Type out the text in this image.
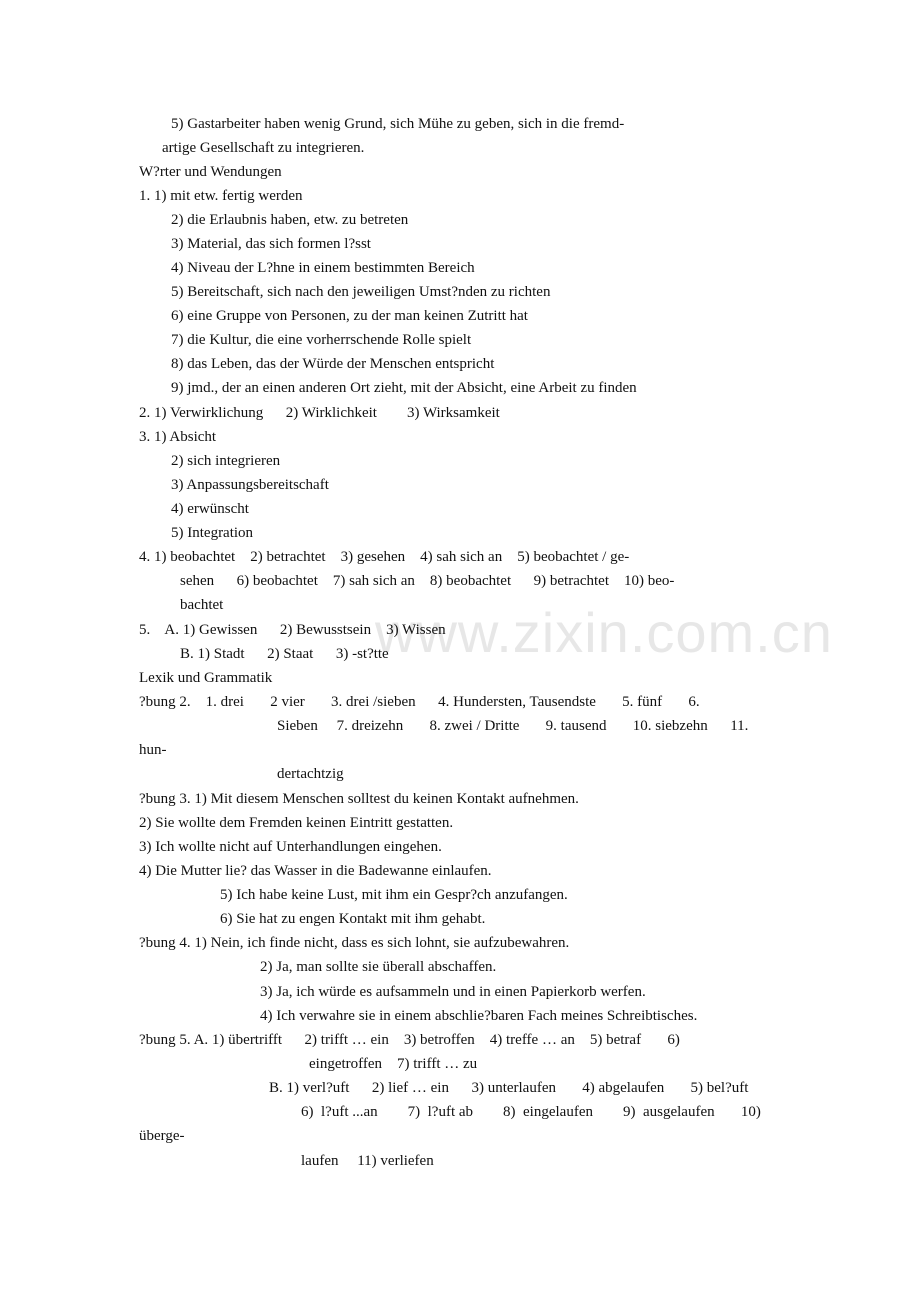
www.zixin.com.cn
5) Gastarbeiter haben wenig Grund, sich Mühe zu geben, sich in die fremd-
artige Gesellschaft zu integrieren.
W?rter und Wendungen
1. 1) mit etw. fertig werden
2) die Erlaubnis haben, etw. zu betreten
3) Material, das sich formen l?sst
4) Niveau der L?hne in einem bestimmten Bereich
5) Bereitschaft, sich nach den jeweiligen Umst?nden zu richten
6) eine Gruppe von Personen, zu der man keinen Zutritt hat
7) die Kultur, die eine vorherrschende Rolle spielt
8) das Leben, das der Würde der Menschen entspricht
9) jmd., der an einen anderen Ort zieht, mit der Absicht, eine Arbeit zu finden
2. 1) Verwirklichung      2) Wirklichkeit        3) Wirksamkeit
3. 1) Absicht
2) sich integrieren
3) Anpassungsbereitschaft
4) erwünscht
5) Integration
4. 1) beobachtet    2) betrachtet    3) gesehen    4) sah sich an    5) beobachtet / ge-
sehen      6) beobachtet    7) sah sich an    8) beobachtet      9) betrachtet    10) beo-
bachtet
5.    A. 1) Gewissen      2) Bewusstsein    3) Wissen
B. 1) Stadt      2) Staat      3) -st?tte
Lexik und Grammatik
?bung 2.    1. drei       2 vier       3. drei /sieben      4. Hundersten, Tausendste       5. fünf       6.
Sieben     7. dreizehn       8. zwei / Dritte       9. tausend       10. siebzehn      11.
hun-
dertachtzig
?bung 3. 1) Mit diesem Menschen solltest du keinen Kontakt aufnehmen.
2) Sie wollte dem Fremden keinen Eintritt gestatten.
3) Ich wollte nicht auf Unterhandlungen eingehen.
4) Die Mutter lie? das Wasser in die Badewanne einlaufen.
5) Ich habe keine Lust, mit ihm ein Gespr?ch anzufangen.
6) Sie hat zu engen Kontakt mit ihm gehabt.
?bung 4. 1) Nein, ich finde nicht, dass es sich lohnt, sie aufzubewahren.
2) Ja, man sollte sie überall abschaffen.
3) Ja, ich würde es aufsammeln und in einen Papierkorb werfen.
4) Ich verwahre sie in einem abschlie?baren Fach meines Schreibtisches.
?bung 5. A. 1) übertrifft      2) trifft … ein    3) betroffen    4) treffe … an    5) betraf       6)
eingetroffen    7) trifft … zu
B. 1) verl?uft      2) lief … ein      3) unterlaufen       4) abgelaufen       5) bel?uft
6)  l?uft ...an        7)  l?uft ab        8)  eingelaufen        9)  ausgelaufen       10)
überge-
laufen     11) verliefen
